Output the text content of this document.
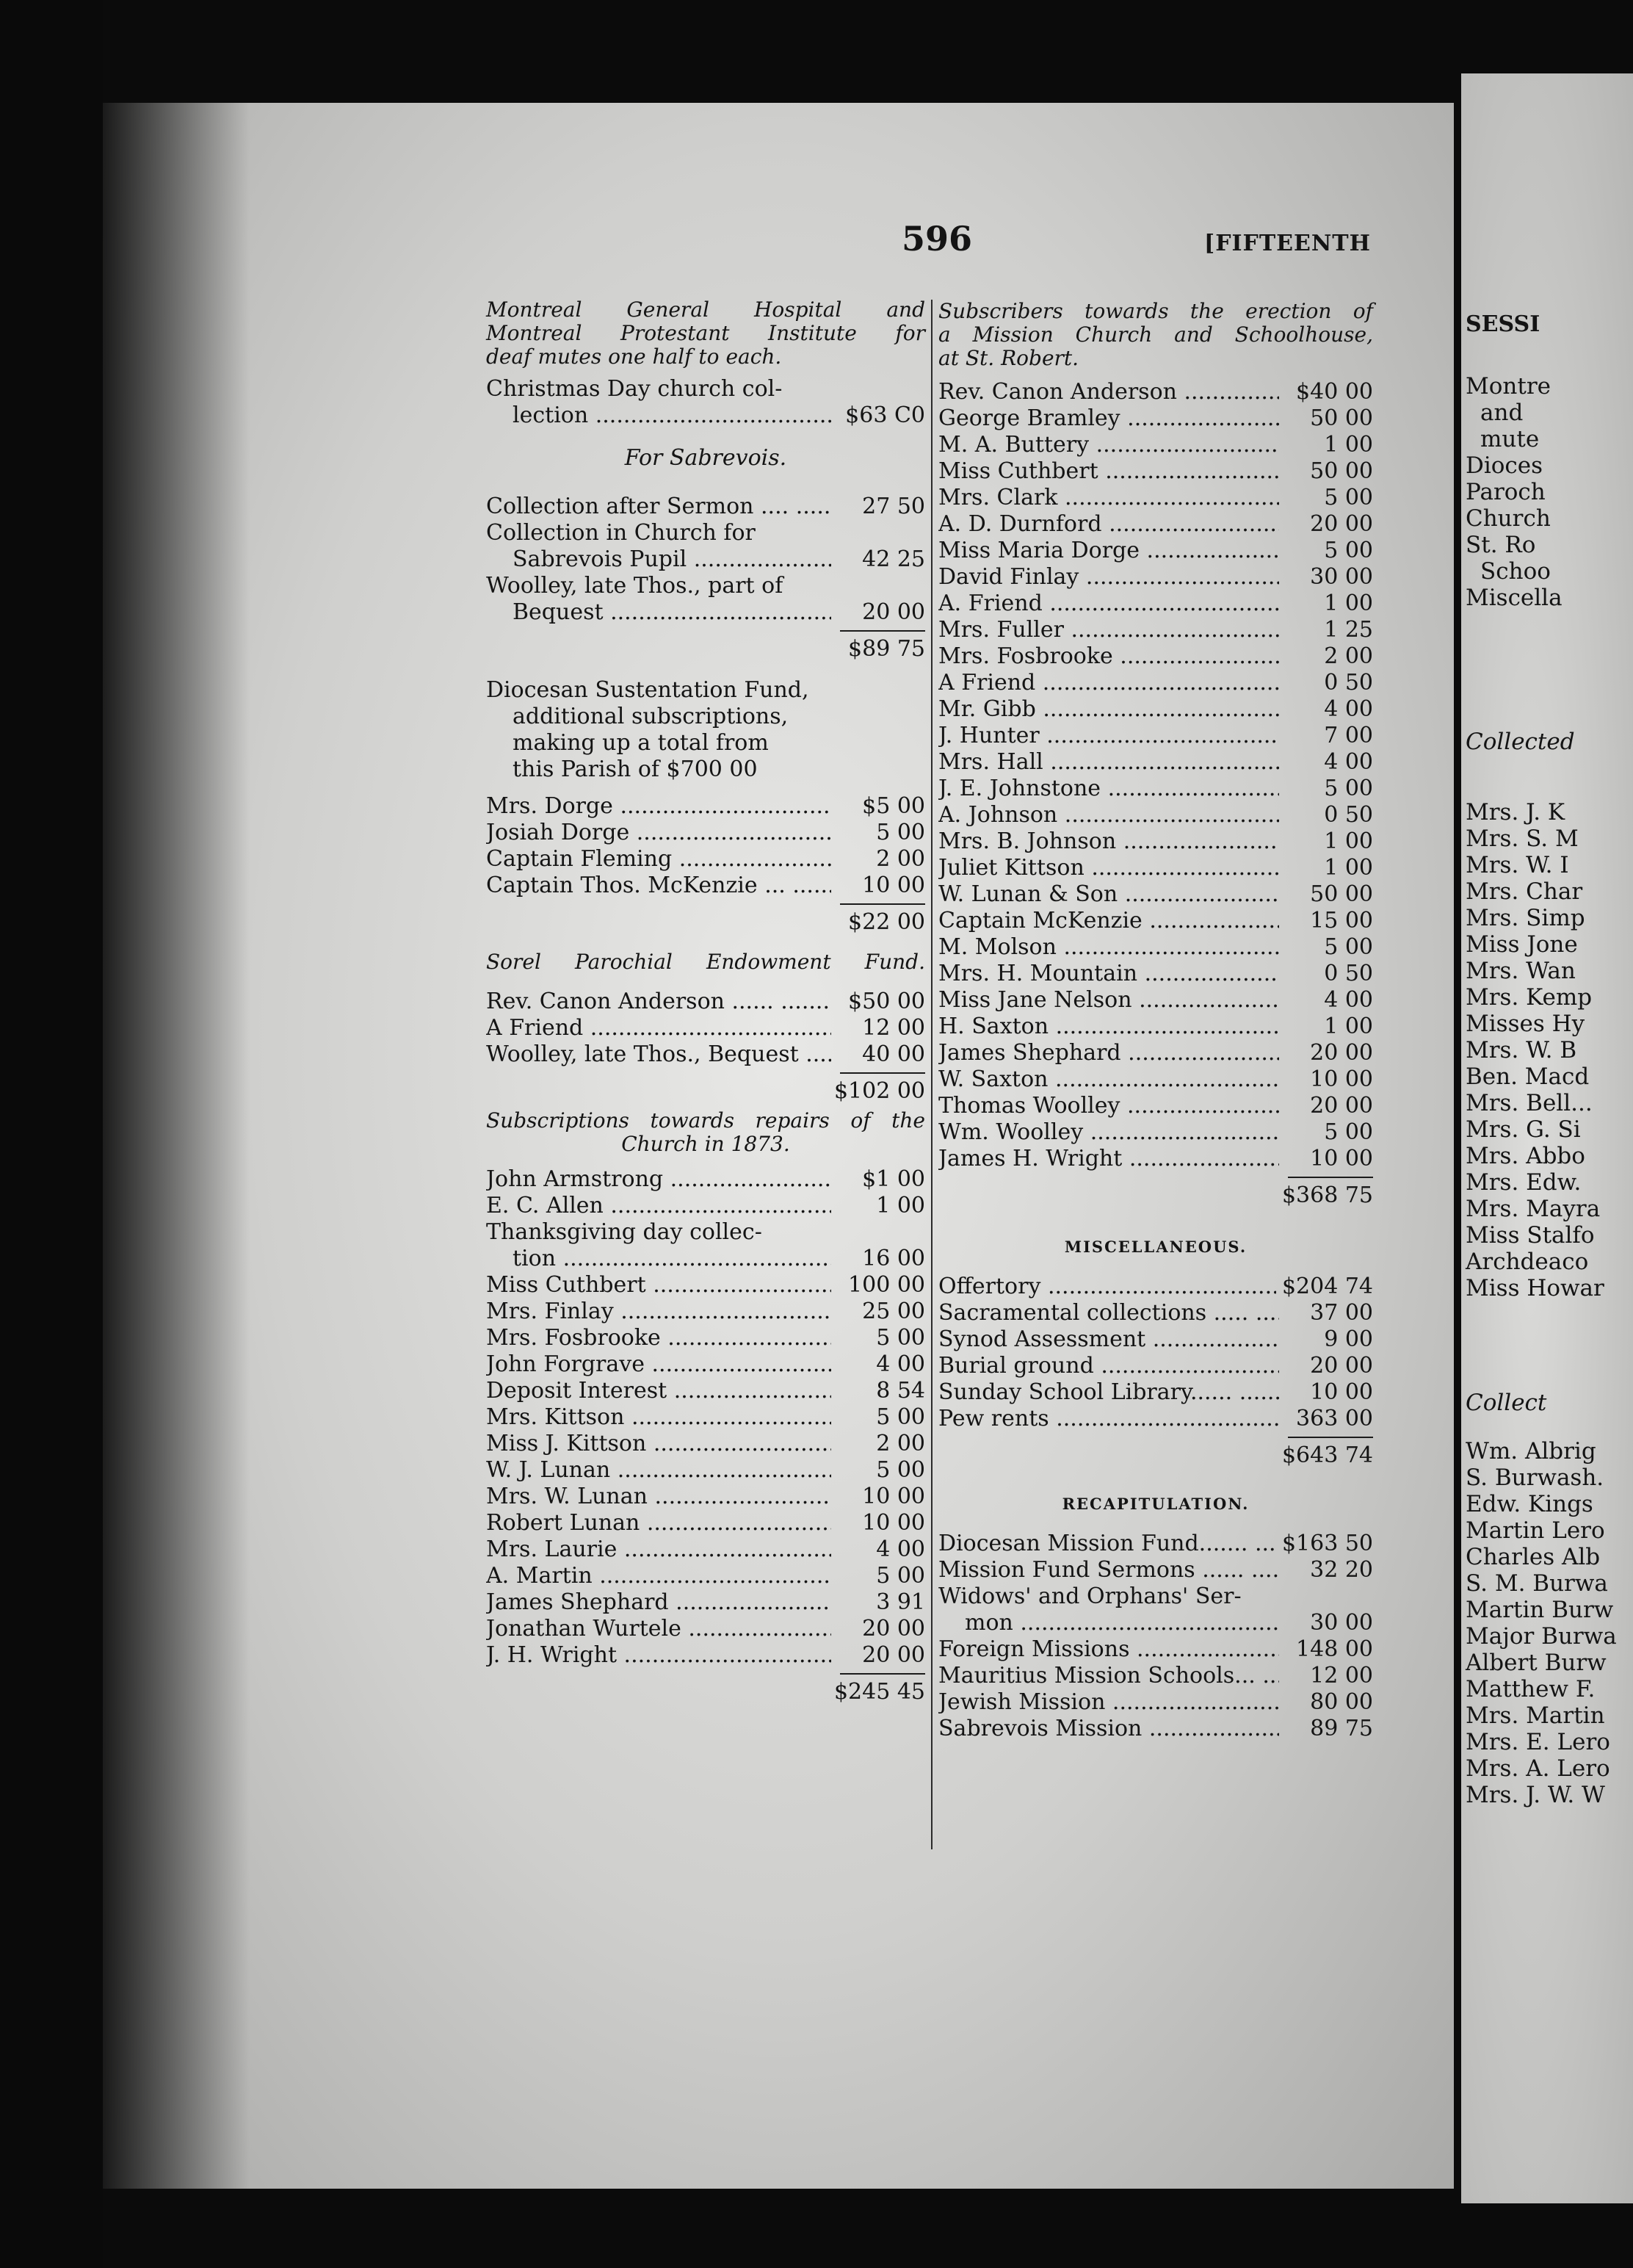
SESSI
Montre
and
mute
Dioces
Paroch
Church
St. Ro
Schoo
Miscella
Collected
Mrs. J. K
Mrs. S. M
Mrs. W. I
Mrs. Char
Mrs. Simp
Miss Jone
Mrs. Wan
Mrs. Kemp
Misses Hy
Mrs. W. B
Ben. Macd
Mrs. Bell...
Mrs. G. Si
Mrs. Abbo
Mrs. Edw.
Mrs. Mayra
Miss Stalfo
Archdeaco
Miss Howar
Collect
Wm. Albrig
S. Burwash.
Edw. Kings
Martin Lero
Charles Alb
S. M. Burwa
Martin Burw
Major Burwa
Albert Burw
Matthew F.
Mrs. Martin
Mrs. E. Lero
Mrs. A. Lero
Mrs. J. W. W
596	[FIFTEENTH
Montreal General Hospital and
Montreal Protestant Institute for
deaf mutes one half to each.
Christmas Day church col-
lection .....	$63 C0
For Sabrevois.
Collection after Sermon .... .....	27 50
Collection in Church for
Sabrevois Pupil .....	42 25
Woolley, late Thos., part of
Bequest .....	20 00
$89 75
Diocesan Sustentation Fund,
additional subscriptions,
making up a total from
this Parish of $700 00
Mrs. Dorge .....	$5 00
Josiah Dorge .....	5 00
Captain Fleming .....	2 00
Captain Thos. McKenzie ... .....	10 00
$22 00
Sorel Parochial Endowment Fund.
Rev. Canon Anderson ...... .....	$50 00
A Friend .....	12 00
Woolley, late Thos., Bequest .....	40 00
$102 00
Subscriptions towards repairs of the
Church in 1873.
John Armstrong .....	$1 00
E. C. Allen .....	1 00
Thanksgiving day collec-
tion .....	16 00
Miss Cuthbert .....	100 00
Mrs. Finlay .....	25 00
Mrs. Fosbrooke .....	5 00
John Forgrave .....	4 00
Deposit Interest .....	8 54
Mrs. Kittson .....	5 00
Miss J. Kittson .....	2 00
W. J. Lunan .....	5 00
Mrs. W. Lunan .....	10 00
Robert Lunan .....	10 00
Mrs. Laurie .....	4 00
A. Martin .....	5 00
James Shephard .....	3 91
Jonathan Wurtele .....	20 00
J. H. Wright .....	20 00
$245 45
Subscribers towards the erection of
a Mission Church and Schoolhouse,
at St. Robert.
Rev. Canon Anderson .....	$40 00
George Bramley .....	50 00
M. A. Buttery .....	1 00
Miss Cuthbert .....	50 00
Mrs. Clark .....	5 00
A. D. Durnford .....	20 00
Miss Maria Dorge .....	5 00
David Finlay .....	30 00
A. Friend .....	1 00
Mrs. Fuller .....	1 25
Mrs. Fosbrooke .....	2 00
A Friend .....	0 50
Mr. Gibb .....	4 00
J. Hunter .....	7 00
Mrs. Hall .....	4 00
J. E. Johnstone .....	5 00
A. Johnson .....	0 50
Mrs. B. Johnson .....	1 00
Juliet Kittson .....	1 00
W. Lunan & Son .....	50 00
Captain McKenzie .....	15 00
M. Molson .....	5 00
Mrs. H. Mountain .....	0 50
Miss Jane Nelson .....	4 00
H. Saxton .....	1 00
James Shephard .....	20 00
W. Saxton .....	10 00
Thomas Woolley .....	20 00
Wm. Woolley .....	5 00
James H. Wright .....	10 00
$368 75
MISCELLANEOUS.
Offertory .....	$204 74
Sacramental collections ..... .....	37 00
Synod Assessment .....	9 00
Burial ground .....	20 00
Sunday School Library...... .....	10 00
Pew rents .....	363 00
$643 74
RECAPITULATION.
Diocesan Mission Fund....... .....	$163 50
Mission Fund Sermons ...... .....	32 20
Widows' and Orphans' Ser-
mon .....	30 00
Foreign Missions .....	148 00
Mauritius Mission Schools... .....	12 00
Jewish Mission .....	80 00
Sabrevois Mission .....	89 75
